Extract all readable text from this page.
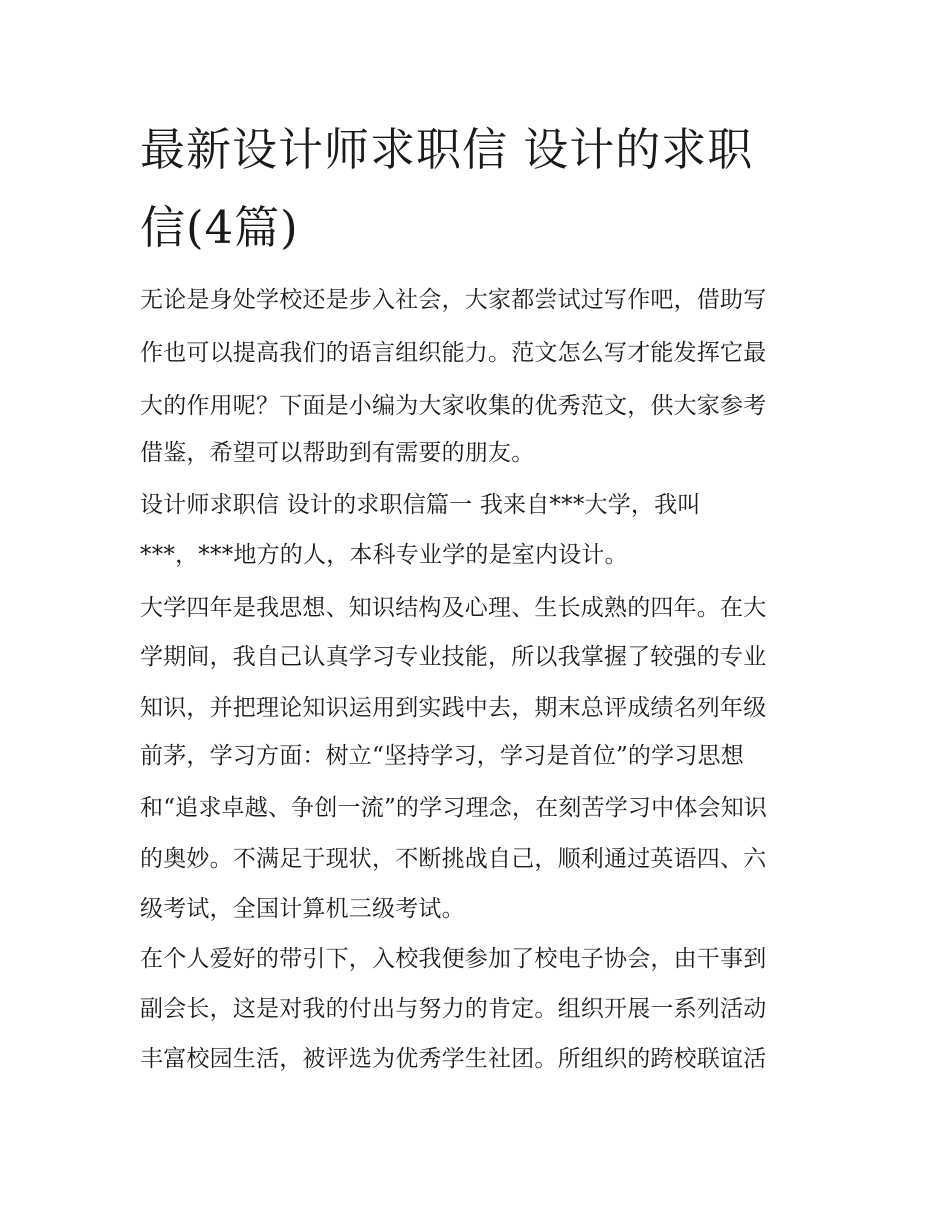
最新设计师求职信 设计的求职
信(4篇)
无论是身处学校还是步入社会，大家都尝试过写作吧，借助写
作也可以提高我们的语言组织能力。范文怎么写才能发挥它最
大的作用呢？下面是小编为大家收集的优秀范文，供大家参考
借鉴，希望可以帮助到有需要的朋友。
设计师求职信 设计的求职信篇一 我来自***大学，我叫
***，***地方的人，本科专业学的是室内设计。
大学四年是我思想、知识结构及心理、生长成熟的四年。在大
学期间，我自己认真学习专业技能，所以我掌握了较强的专业
知识，并把理论知识运用到实践中去，期末总评成绩名列年级
前茅，学习方面：树立“坚持学习，学习是首位”的学习思想
和“追求卓越、争创一流”的学习理念，在刻苦学习中体会知识
的奥妙。不满足于现状，不断挑战自己，顺利通过英语四、六
级考试，全国计算机三级考试。
在个人爱好的带引下，入校我便参加了校电子协会，由干事到
副会长，这是对我的付出与努力的肯定。组织开展一系列活动
丰富校园生活，被评选为优秀学生社团。所组织的跨校联谊活
